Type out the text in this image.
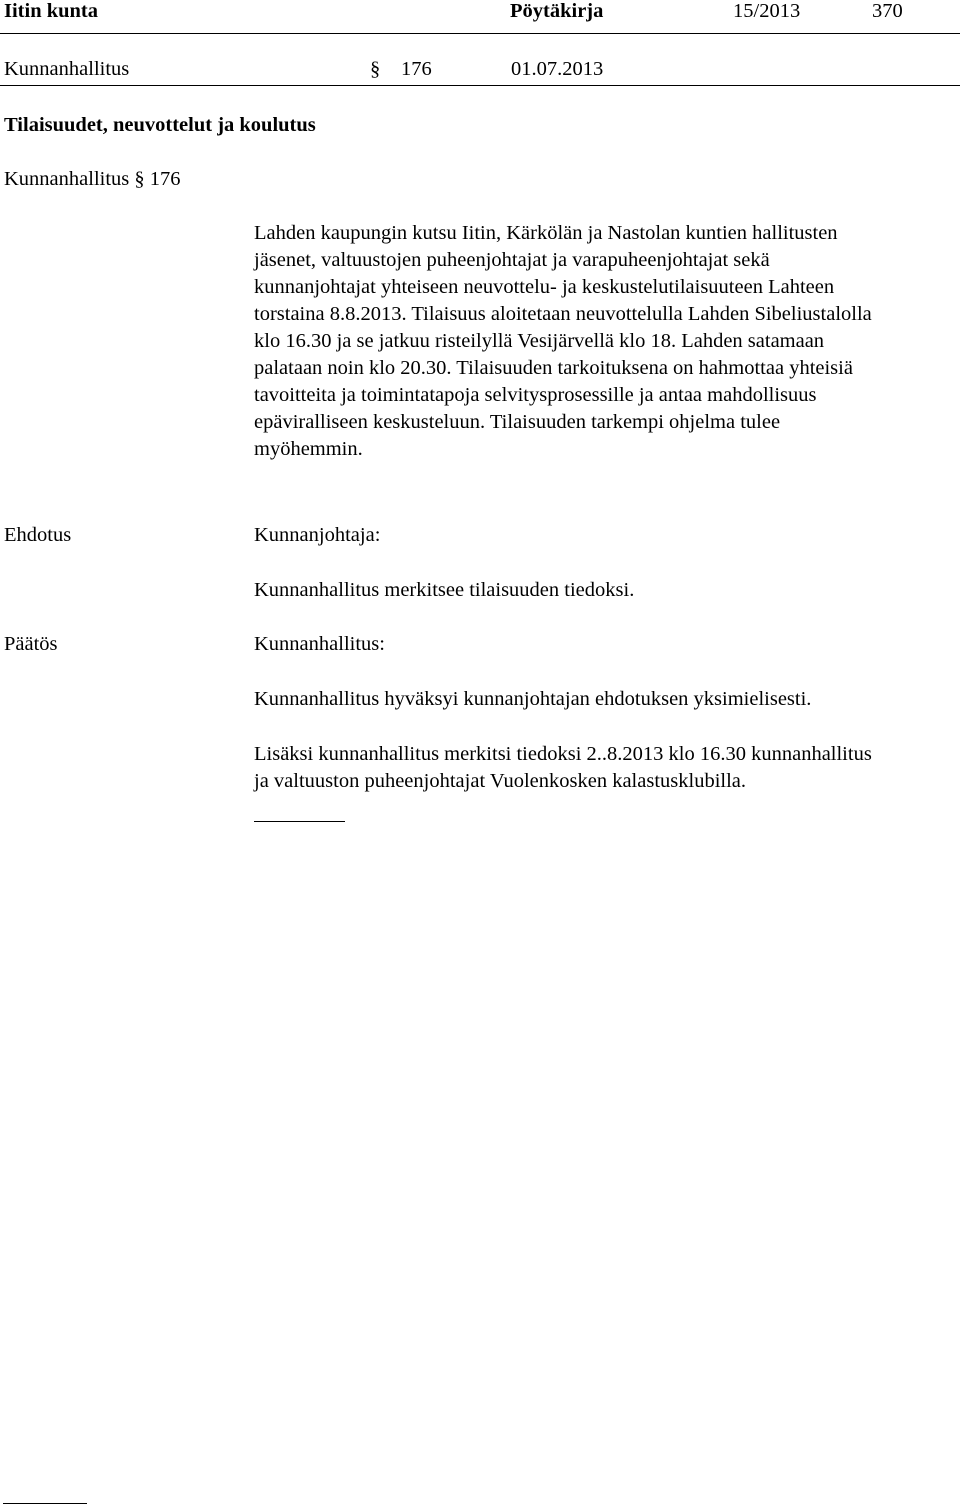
Iitin kunta	Pöytäkirja	15/2013	370
Kunnanhallitus	§ 176	01.07.2013
Tilaisuudet, neuvottelut ja koulutus
Kunnanhallitus § 176
Lahden kaupungin kutsu Iitin, Kärkölän ja Nastolan kuntien hallitusten
jäsenet, valtuustojen puheenjohtajat ja varapuheenjohtajat sekä
kunnanjohtajat yhteiseen neuvottelu- ja keskustelutilaisuuteen Lahteen
torstaina 8.8.2013. Tilaisuus aloitetaan neuvottelulla Lahden Sibeliustalolla
klo 16.30 ja se jatkuu risteilyllä Vesijärvellä klo 18. Lahden satamaan
palataan noin klo 20.30. Tilaisuuden tarkoituksena on hahmottaa yhteisiä
tavoitteita ja toimintatapoja selvitysprosessille ja antaa mahdollisuus
epäviralliseen keskusteluun. Tilaisuuden tarkempi ohjelma tulee
myöhemmin.
Ehdotus	Kunnanjohtaja:
Kunnanhallitus merkitsee tilaisuuden tiedoksi.
Päätös	Kunnanhallitus:
Kunnanhallitus hyväksyi kunnanjohtajan ehdotuksen yksimielisesti.
Lisäksi kunnanhallitus merkitsi tiedoksi 2..8.2013 klo 16.30 kunnanhallitus
ja valtuuston puheenjohtajat Vuolenkosken kalastusklubilla.
